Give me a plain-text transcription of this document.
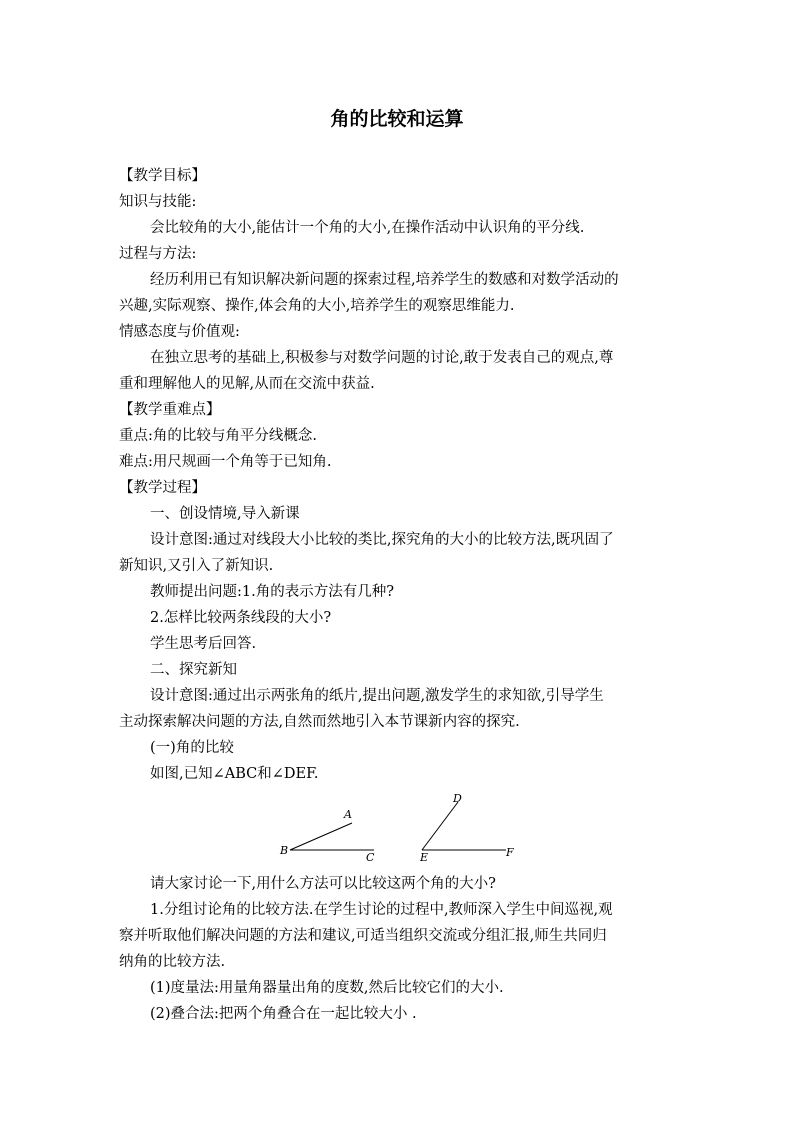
角的比较和运算
【教学目标】
知识与技能:
会比较角的大小,能估计一个角的大小,在操作活动中认识角的平分线.
过程与方法:
经历利用已有知识解决新问题的探索过程,培养学生的数感和对数学活动的
兴趣,实际观察、操作,体会角的大小,培养学生的观察思维能力.
情感态度与价值观:
在独立思考的基础上,积极参与对数学问题的讨论,敢于发表自己的观点,尊
重和理解他人的见解,从而在交流中获益.
【教学重难点】
重点:角的比较与角平分线概念.
难点:用尺规画一个角等于已知角.
【教学过程】
一、创设情境,导入新课
设计意图:通过对线段大小比较的类比,探究角的大小的比较方法,既巩固了
新知识,又引入了新知识.
教师提出问题:1.角的表示方法有几种?
2.怎样比较两条线段的大小?
学生思考后回答.
二、探究新知
设计意图:通过出示两张角的纸片,提出问题,激发学生的求知欲,引导学生
主动探索解决问题的方法,自然而然地引入本节课新内容的探究.
(一)角的比较
如图,已知∠ABC和∠DEF.
A
B
C
D
E	F
请大家讨论一下,用什么方法可以比较这两个角的大小?
1.分组讨论角的比较方法.在学生讨论的过程中,教师深入学生中间巡视,观
察并听取他们解决问题的方法和建议,可适当组织交流或分组汇报,师生共同归
纳角的比较方法.
(1)度量法:用量角器量出角的度数,然后比较它们的大小.
(2)叠合法:把两个角叠合在一起比较大小 .
